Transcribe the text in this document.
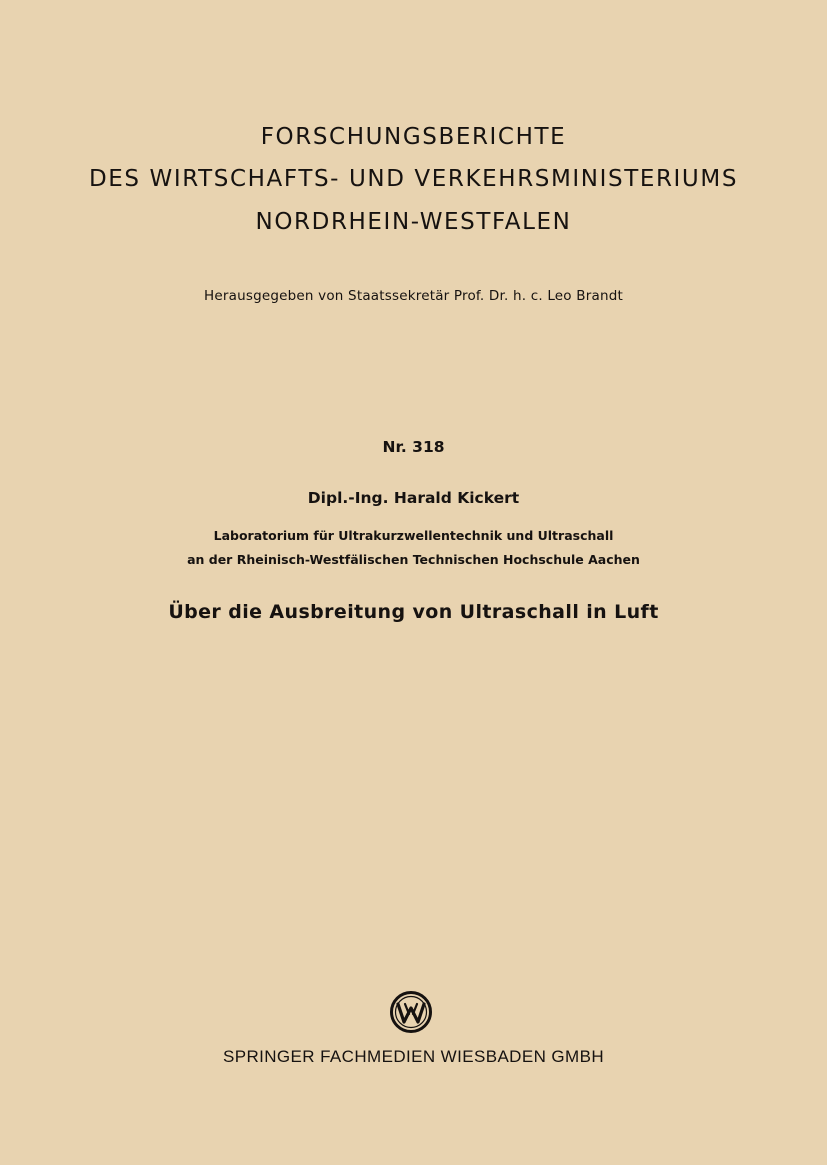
FORSCHUNGSBERICHTE
DES WIRTSCHAFTS- UND VERKEHRSMINISTERIUMS
NORDRHEIN-WESTFALEN
Herausgegeben von Staatssekretär Prof. Dr. h. c. Leo Brandt
Nr. 318
Dipl.-Ing. Harald Kickert
Laboratorium für Ultrakurzwellentechnik und Ultraschall
an der Rheinisch-Westfälischen Technischen Hochschule Aachen
Über die Ausbreitung von Ultraschall in Luft
SPRINGER FACHMEDIEN WIESBADEN GMBH
